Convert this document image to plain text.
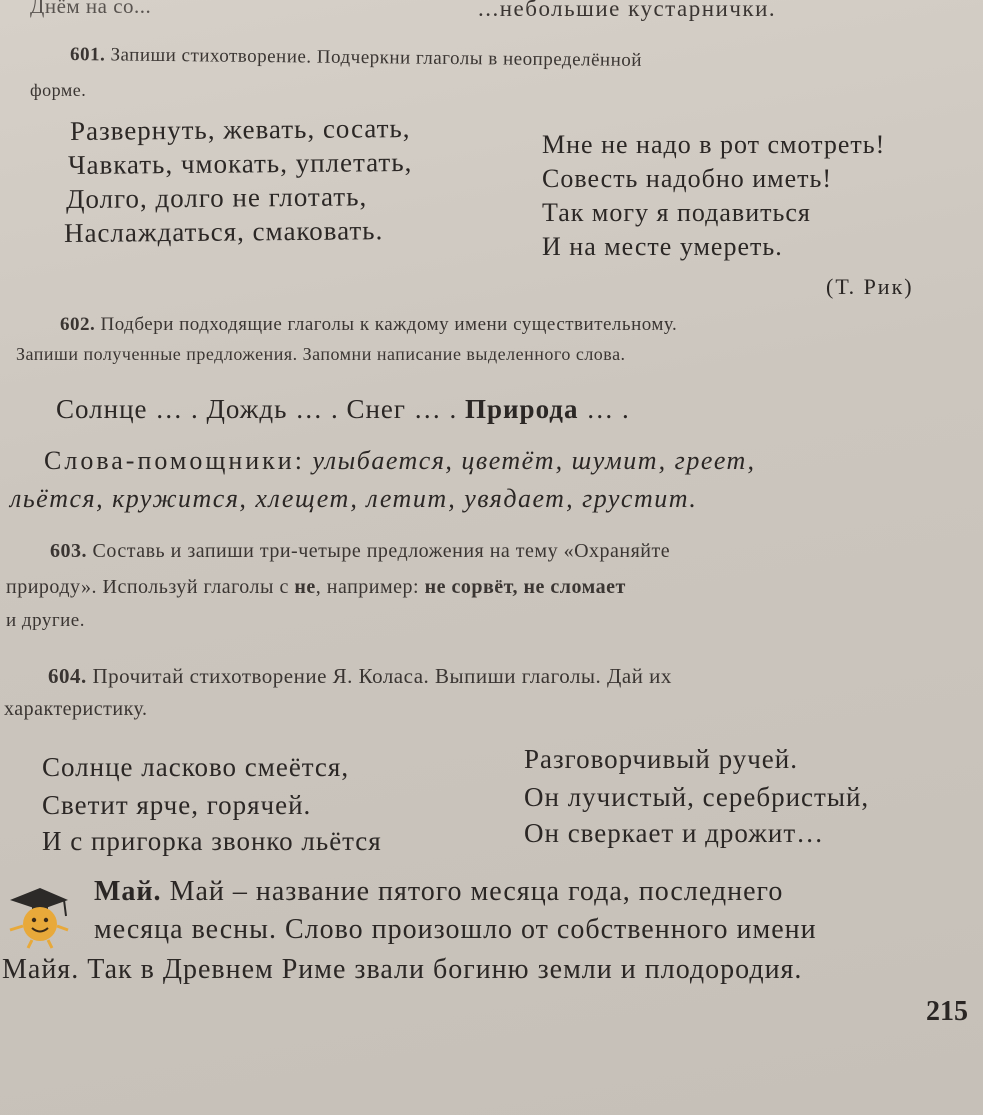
Днём на со...	...небольшие кустарнички.
601. Запиши стихотворение. Подчеркни глаголы в неопределённой
форме.
Развернуть, жевать, сосать,
Чавкать, чмокать, уплетать,
Долго, долго не глотать,
Наслаждаться, смаковать.
Мне не надо в рот смотреть!
Совесть надобно иметь!
Так могу я подавиться
И на месте умереть.
(Т. Рик)
602. Подбери подходящие глаголы к каждому имени существительному.
Запиши полученные предложения. Запомни написание выделенного слова.
Солнце … . Дождь … . Снег … . Природа … .
Слова-помощники: улыбается, цветёт, шумит, греет,
льётся, кружится, хлещет, летит, увядает, грустит.
603. Составь и запиши три-четыре предложения на тему «Охраняйте
природу». Используй глаголы с не, например: не сорвёт, не сломает
и другие.
604. Прочитай стихотворение Я. Коласа. Выпиши глаголы. Дай их
характеристику.
Солнце ласково смеётся,
Светит ярче, горячей.
И с пригорка звонко льётся
Разговорчивый ручей.
Он лучистый, серебристый,
Он сверкает и дрожит…
Май. Май – название пятого месяца года, последнего
месяца весны. Слово произошло от собственного имени
Майя. Так в Древнем Риме звали богиню земли и плодородия.
215
